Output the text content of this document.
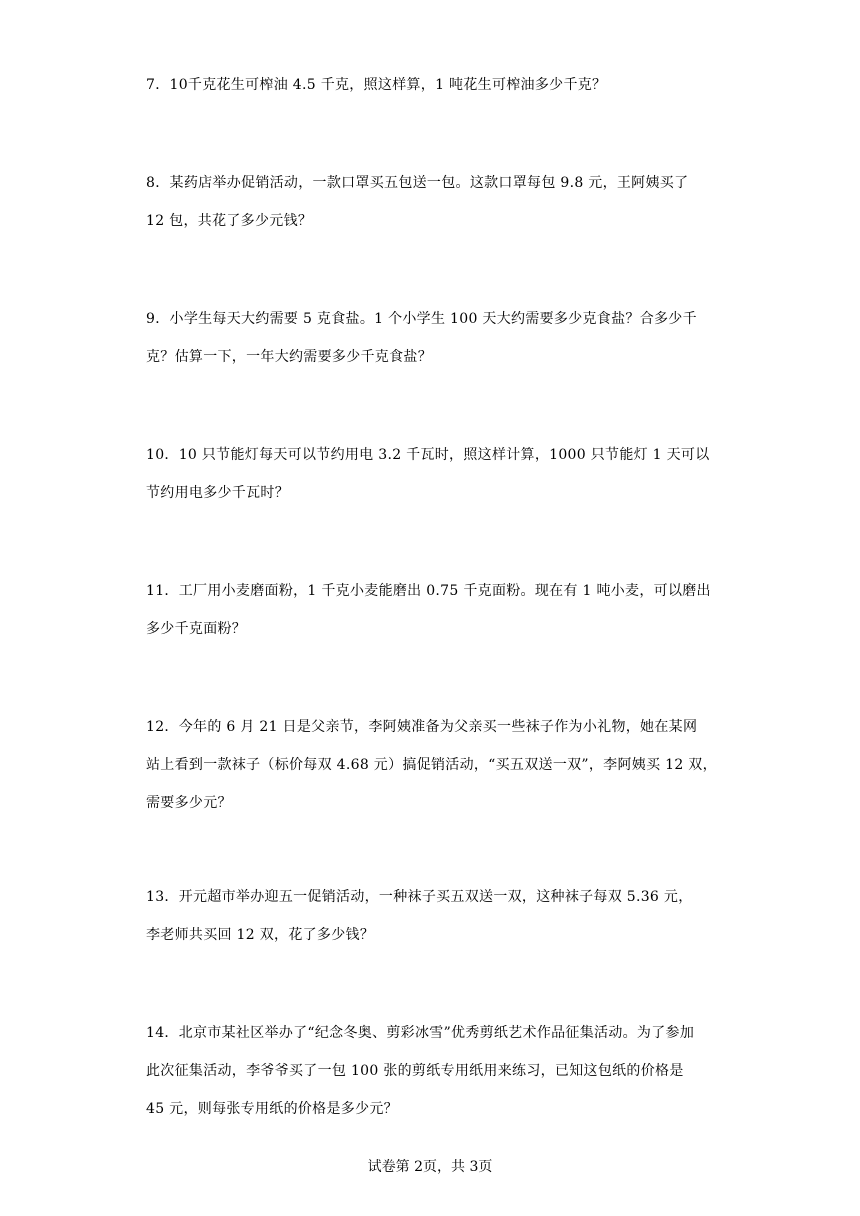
7．10千克花生可榨油 4.5 千克，照这样算，1 吨花生可榨油多少千克？
8．某药店举办促销活动，一款口罩买五包送一包。这款口罩每包 9.8 元，王阿姨买了
12 包，共花了多少元钱？
9．小学生每天大约需要 5 克食盐。1 个小学生 100 天大约需要多少克食盐？合多少千
克？估算一下，一年大约需要多少千克食盐？
10．10 只节能灯每天可以节约用电 3.2 千瓦时，照这样计算，1000 只节能灯 1 天可以
节约用电多少千瓦时？
11．工厂用小麦磨面粉，1 千克小麦能磨出 0.75 千克面粉。现在有 1 吨小麦，可以磨出
多少千克面粉？
12．今年的 6 月 21 日是父亲节，李阿姨准备为父亲买一些袜子作为小礼物，她在某网
站上看到一款袜子（标价每双 4.68 元）搞促销活动，“买五双送一双”，李阿姨买 12 双，
需要多少元？
13．开元超市举办迎五一促销活动，一种袜子买五双送一双，这种袜子每双 5.36 元，
李老师共买回 12 双，花了多少钱？
14．北京市某社区举办了“纪念冬奥、剪彩冰雪”优秀剪纸艺术作品征集活动。为了参加
此次征集活动，李爷爷买了一包 100 张的剪纸专用纸用来练习，已知这包纸的价格是
45 元，则每张专用纸的价格是多少元？
试卷第 2页，共 3页
